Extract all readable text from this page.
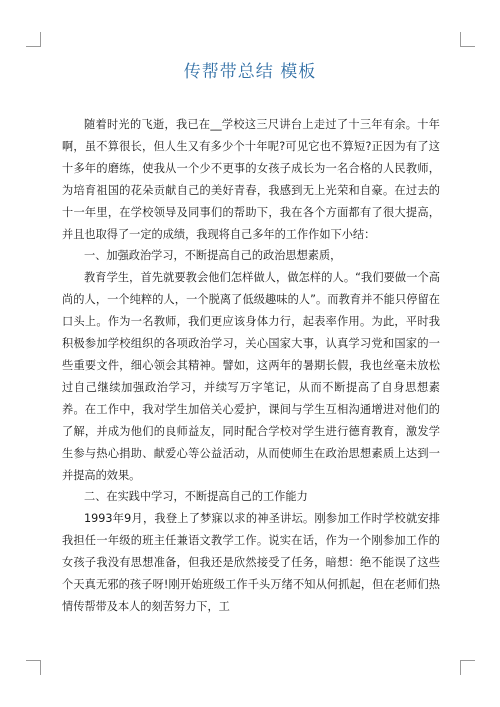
传帮带总结 模板

随着时光的飞逝，我已在__学校这三尺讲台上走过了十三年有余。十年啊，虽不算很长，但人生又有多少个十年呢?可见它也不算短?正因为有了这十多年的磨练，使我从一个少不更事的女孩子成长为一名合格的人民教师，为培育祖国的花朵贡献自己的美好青春，我感到无上光荣和自豪。在过去的十一年里，在学校领导及同事们的帮助下，我在各个方面都有了很大提高，并且也取得了一定的成绩，我现将自己多年的工作作如下小结：

一、加强政治学习，不断提高自己的政治思想素质，

教育学生，首先就要教会他们怎样做人，做怎样的人。“我们要做一个高尚的人，一个纯粹的人，一个脱离了低级趣味的人”。而教育并不能只停留在口头上。作为一名教师，我们更应该身体力行，起表率作用。为此，平时我积极参加学校组织的各项政治学习，关心国家大事，认真学习党和国家的一些重要文件，细心领会其精神。譬如，这两年的暑期长假，我也丝毫未放松过自己继续加强政治学习，并续写万字笔记，从而不断提高了自身思想素养。在工作中，我对学生加倍关心爱护，课间与学生互相沟通增进对他们的了解，并成为他们的良师益友，同时配合学校对学生进行德育教育，激发学生参与热心捐助、献爱心等公益活动，从而使师生在政治思想素质上达到一并提高的效果。

二、在实践中学习，不断提高自己的工作能力

1993年9月，我登上了梦寐以求的神圣讲坛。刚参加工作时学校就安排我担任一年级的班主任兼语文教学工作。说实在话，作为一个刚参加工作的女孩子我没有思想准备，但我还是欣然接受了任务，暗想：绝不能误了这些个天真无邪的孩子呀!刚开始班级工作千头万绪不知从何抓起，但在老师们热情传帮带及本人的刻苦努力下，工
